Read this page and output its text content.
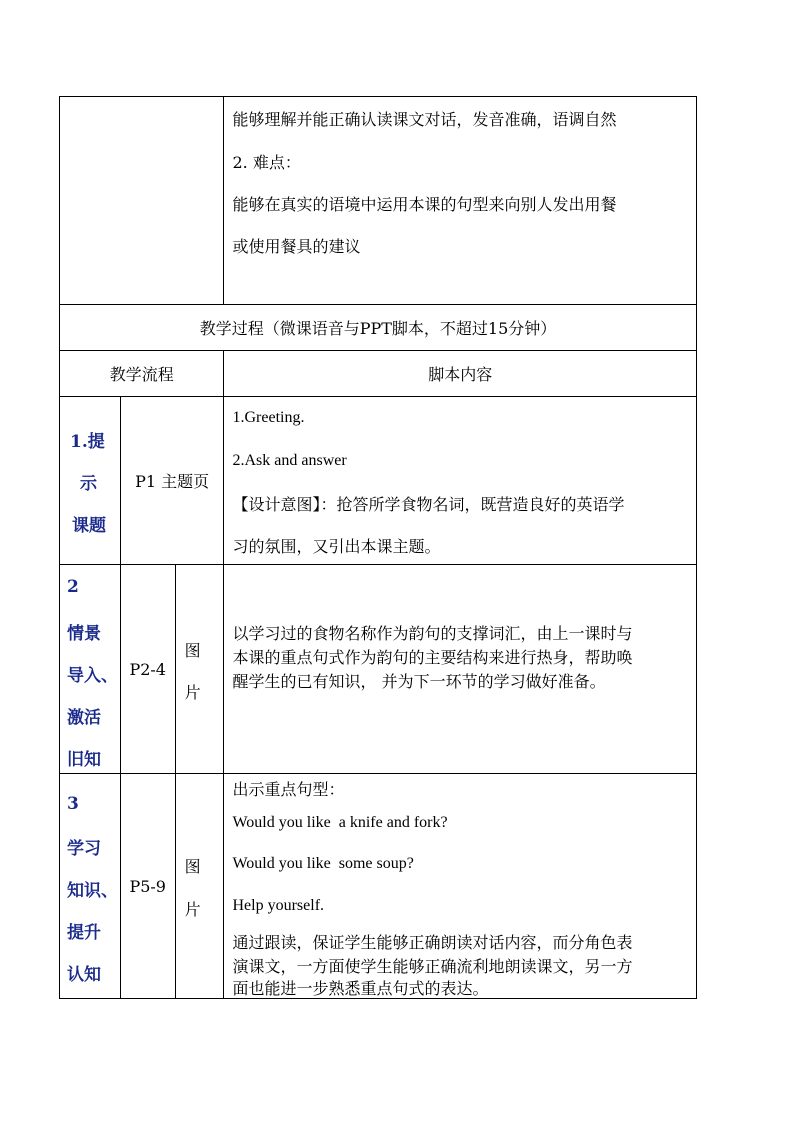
能够理解并能正确认读课文对话，发音准确，语调自然

2. 难点：

能够在真实的语境中运用本课的句型来向别人发出用餐

或使用餐具的建议

教学过程（微课语音与PPT脚本，不超过15分钟）
教学流程	脚本内容
1.提
示
课题
P1 主题页
1.Greeting.
2.Ask and answer

【设计意图】：抢答所学食物名词，既营造良好的英语学

习的氛围，又引出本课主题。

2
情景
导入、
激活
旧知
P2-4
图
片

以学习过的食物名称作为韵句的支撑词汇，由上一课时与

本课的重点句式作为韵句的主要结构来进行热身，帮助唤

醒学生的已有知识， 并为下一环节的学习做好准备。

3
学习
知识、
提升
认知
P5-9
图
片

出示重点句型：

Would you like  a knife and fork?
Would you like  some soup?
Help yourself.

通过跟读，保证学生能够正确朗读对话内容，而分角色表

演课文，一方面使学生能够正确流利地朗读课文，另一方

面也能进一步熟悉重点句式的表达。
